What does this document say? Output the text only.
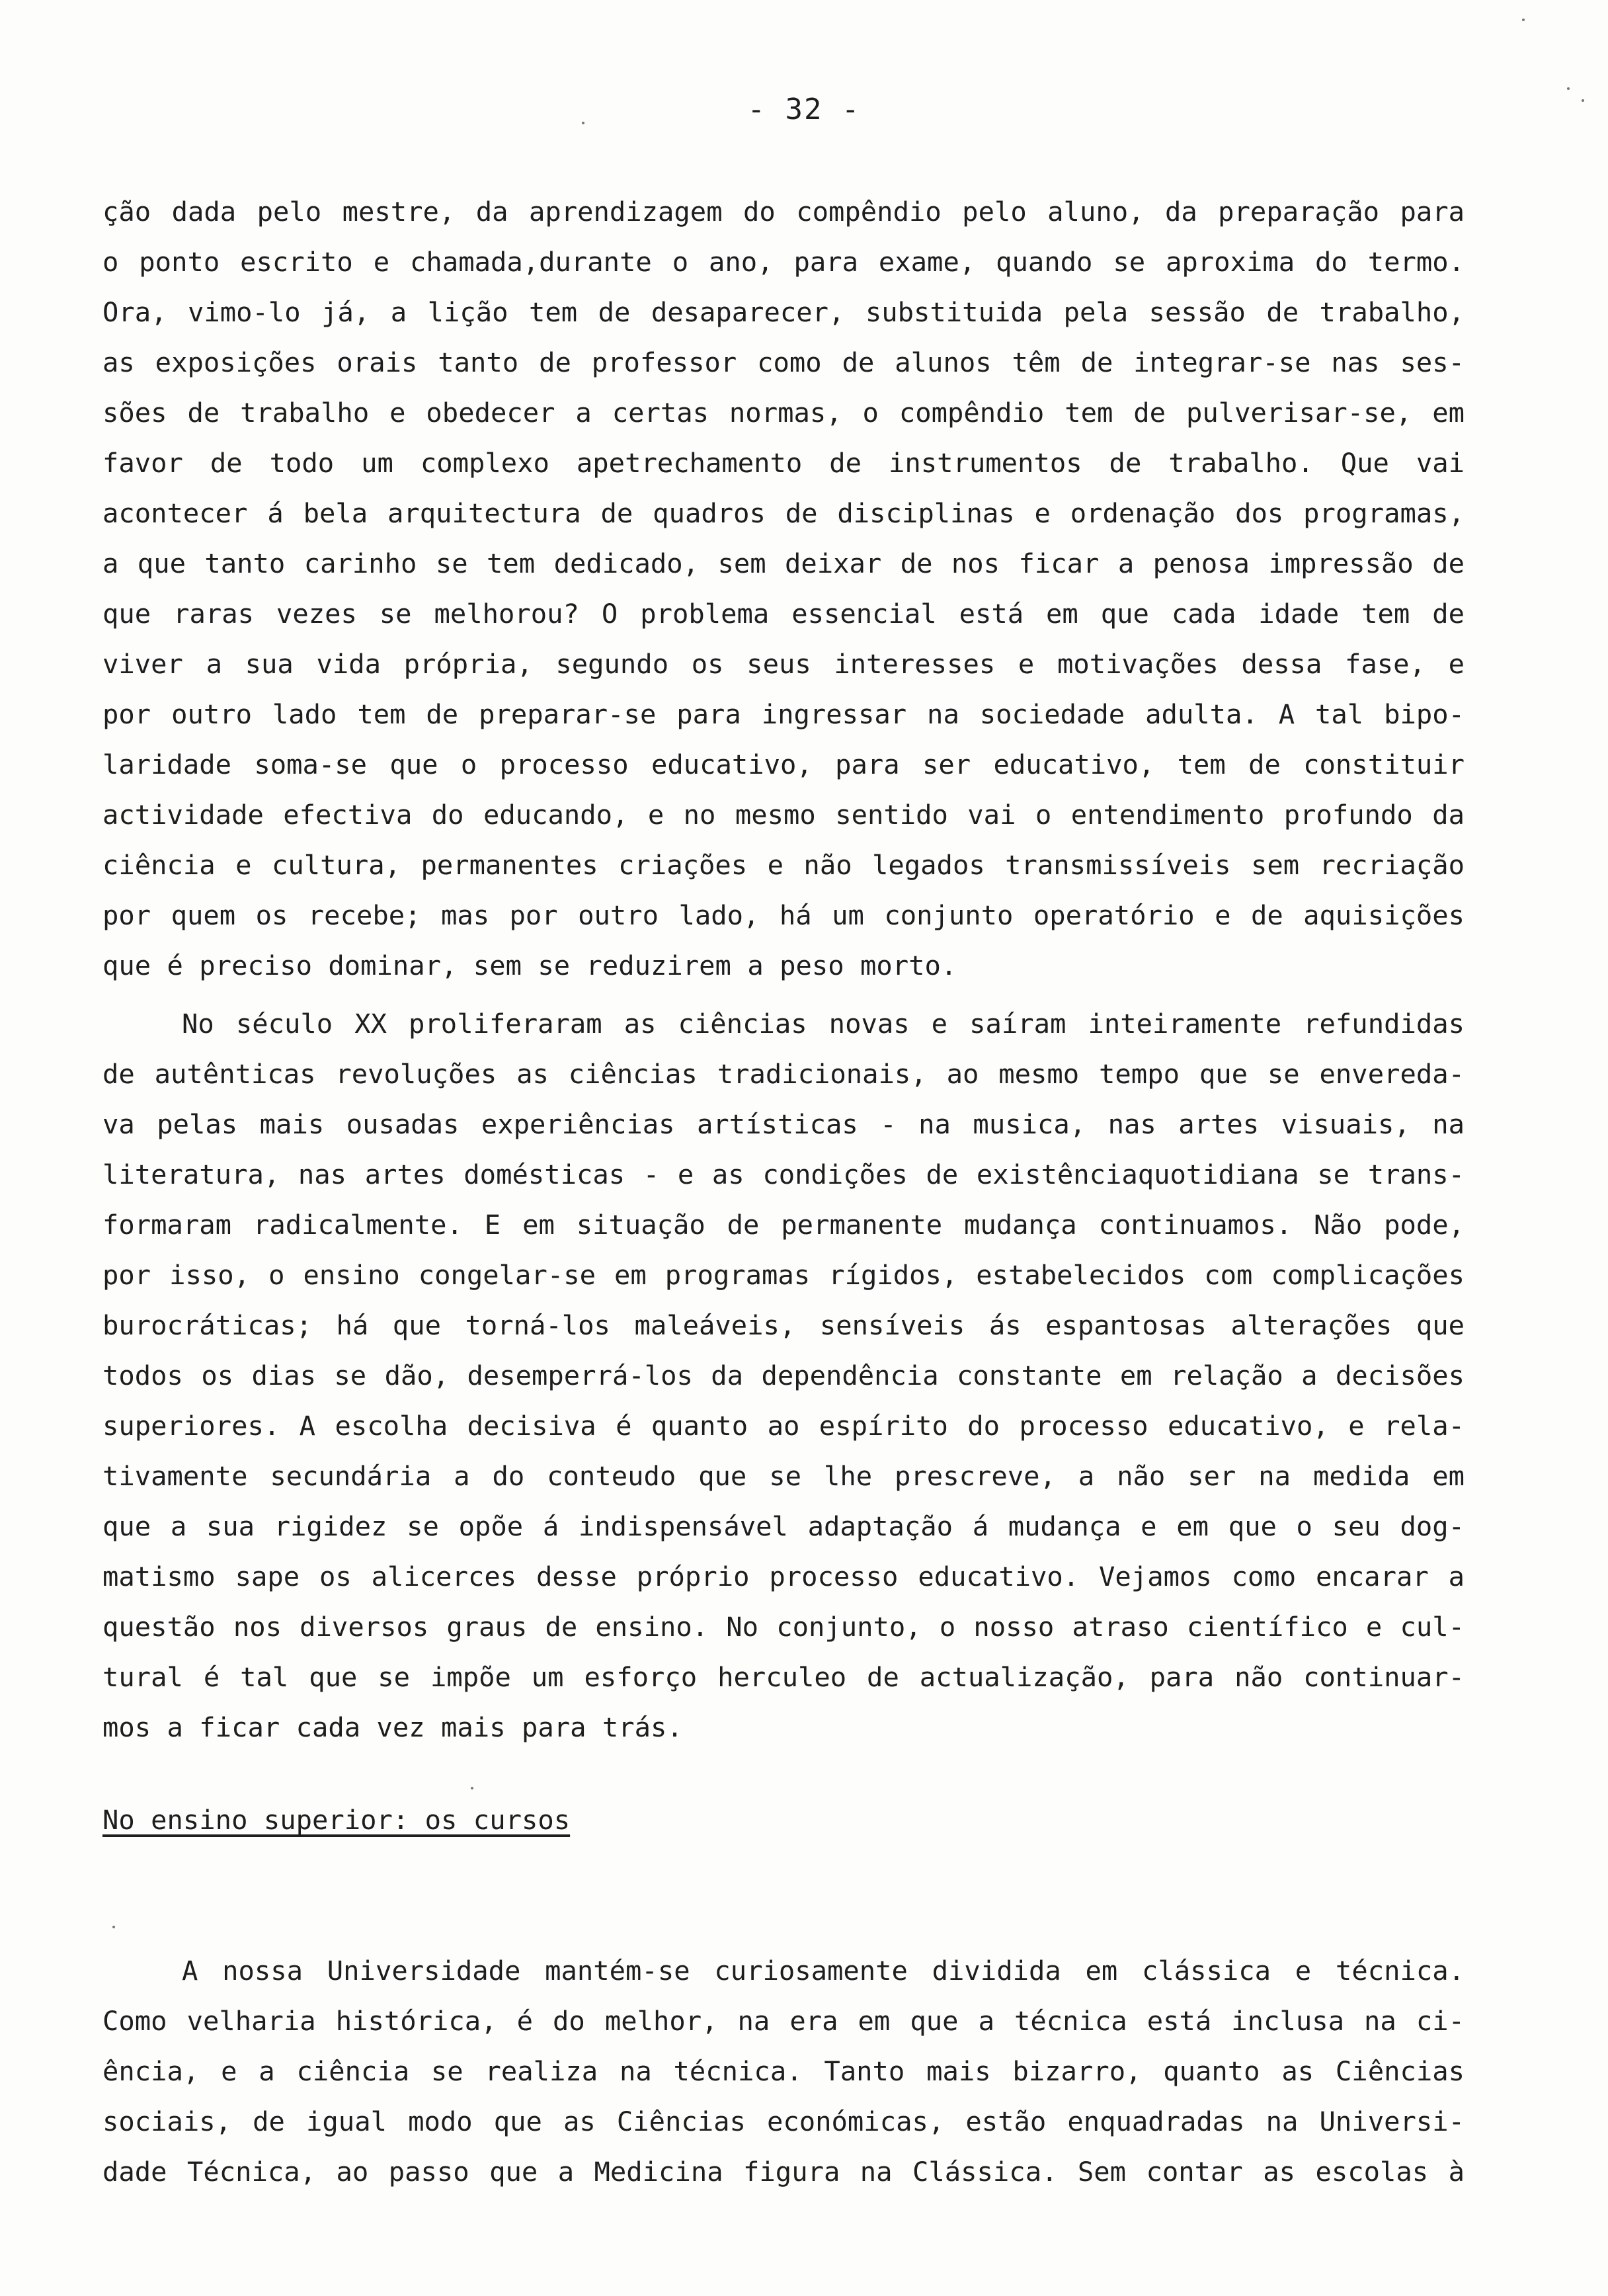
- 32 -
ção dada pelo mestre, da aprendizagem do compêndio pelo aluno, da preparação para
o ponto escrito e chamada,durante o ano, para exame, quando se aproxima do termo.
Ora, vimo-lo já, a lição tem de desaparecer, substituida pela sessão de trabalho,
as exposições orais tanto de professor como de alunos têm de integrar-se nas ses-
sões de trabalho e obedecer a certas normas, o compêndio tem de pulverisar-se, em
favor de todo um complexo apetrechamento de instrumentos de trabalho. Que vai
acontecer á bela arquitectura de quadros de disciplinas e ordenação dos programas,
a que tanto carinho se tem dedicado, sem deixar de nos ficar a penosa impressão de
que raras vezes se melhorou? O problema essencial está em que cada idade tem de
viver a sua vida própria, segundo os seus interesses e motivações dessa fase, e
por outro lado tem de preparar-se para ingressar na sociedade adulta. A tal bipo-
laridade soma-se que o processo educativo, para ser educativo, tem de constituir
actividade efectiva do educando, e no mesmo sentido vai o entendimento profundo da
ciência e cultura, permanentes criações e não legados transmissíveis sem recriação
por quem os recebe; mas por outro lado, há um conjunto operatório e de aquisições
que é preciso dominar, sem se reduzirem a peso morto.
No século XX proliferaram as ciências novas e saíram inteiramente refundidas
de autênticas revoluções as ciências tradicionais, ao mesmo tempo que se envereda-
va pelas mais ousadas experiências artísticas - na musica, nas artes visuais, na
literatura, nas artes domésticas - e as condições de existênciaquotidiana se trans-
formaram radicalmente. E em situação de permanente mudança continuamos. Não pode,
por isso, o ensino congelar-se em programas rígidos, estabelecidos com complicações
burocráticas; há que torná-los maleáveis, sensíveis ás espantosas alterações que
todos os dias se dão, desemperrá-los da dependência constante em relação a decisões
superiores. A escolha decisiva é quanto ao espírito do processo educativo, e rela-
tivamente secundária a do conteudo que se lhe prescreve, a não ser na medida em
que a sua rigidez se opõe á indispensável adaptação á mudança e em que o seu dog-
matismo sape os alicerces desse próprio processo educativo. Vejamos como encarar a
questão nos diversos graus de ensino. No conjunto, o nosso atraso científico e cul-
tural é tal que se impõe um esforço herculeo de actualização, para não continuar-
mos a ficar cada vez mais para trás.
No ensino superior: os cursos
A nossa Universidade mantém-se curiosamente dividida em clássica e técnica.
Como velharia histórica, é do melhor, na era em que a técnica está inclusa na ci-
ência, e a ciência se realiza na técnica. Tanto mais bizarro, quanto as Ciências
sociais, de igual modo que as Ciências económicas, estão enquadradas na Universi-
dade Técnica, ao passo que a Medicina figura na Clássica. Sem contar as escolas à
